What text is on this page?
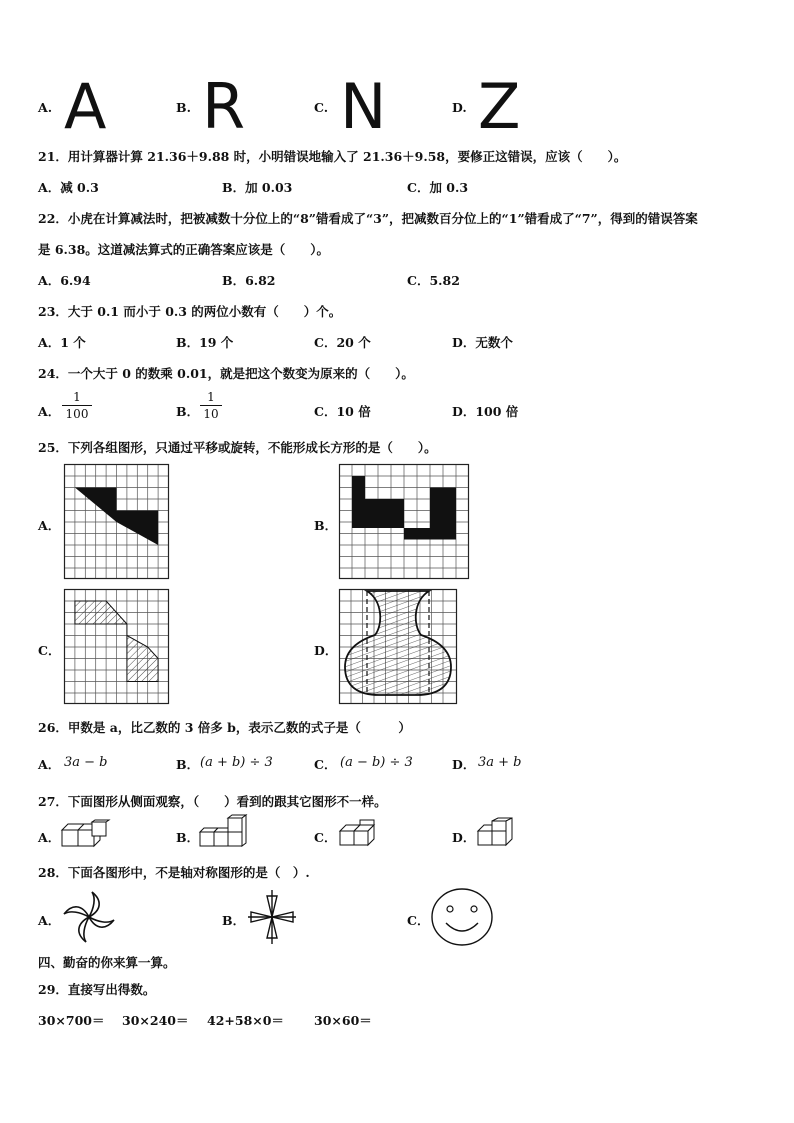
A. A	B. R	C. N	D. Z
21．用计算器计算 21.36＋9.88 时，小明错误地输入了 21.36＋9.58，要修正这错误，应该（　　）。
A．减 0.3	B．加 0.03	C．加 0.3
22．小虎在计算减法时，把被减数十分位上的“8”错看成了“3”，把减数百分位上的“1”错看成了“7”，得到的错误答案
是 6.38。这道减法算式的正确答案应该是（　　）。
A．6.94	B．6.82	C．5.82
23．大于 0.1 而小于 0.3 的两位小数有（　　）个。
A．1 个	B．19 个	C．20 个	D．无数个
24．一个大于 0 的数乘 0.01，就是把这个数变为原来的（　　）。
A．
1
100	B．
1
10	C．10 倍	D．100 倍
25．下列各组图形，只通过平移或旋转，不能形成长方形的是（　　）。
A．	B．
C．	D．
26．甲数是 a，比乙数的 3 倍多 b，表示乙数的式子是（　　　）
A． 3a − b	B． (a + b) ÷ 3	C． (a − b) ÷ 3	D． 3a + b
27．下面图形从侧面观察，（　　）看到的跟其它图形不一样。
A．	B．	C．	D．
28．下面各图形中，不是轴对称图形的是（　）.
A．	B．	C．
四、勤奋的你来算一算。
29．直接写出得数。
30×700＝ 30×240＝ 42+58×0＝ 30×60＝
